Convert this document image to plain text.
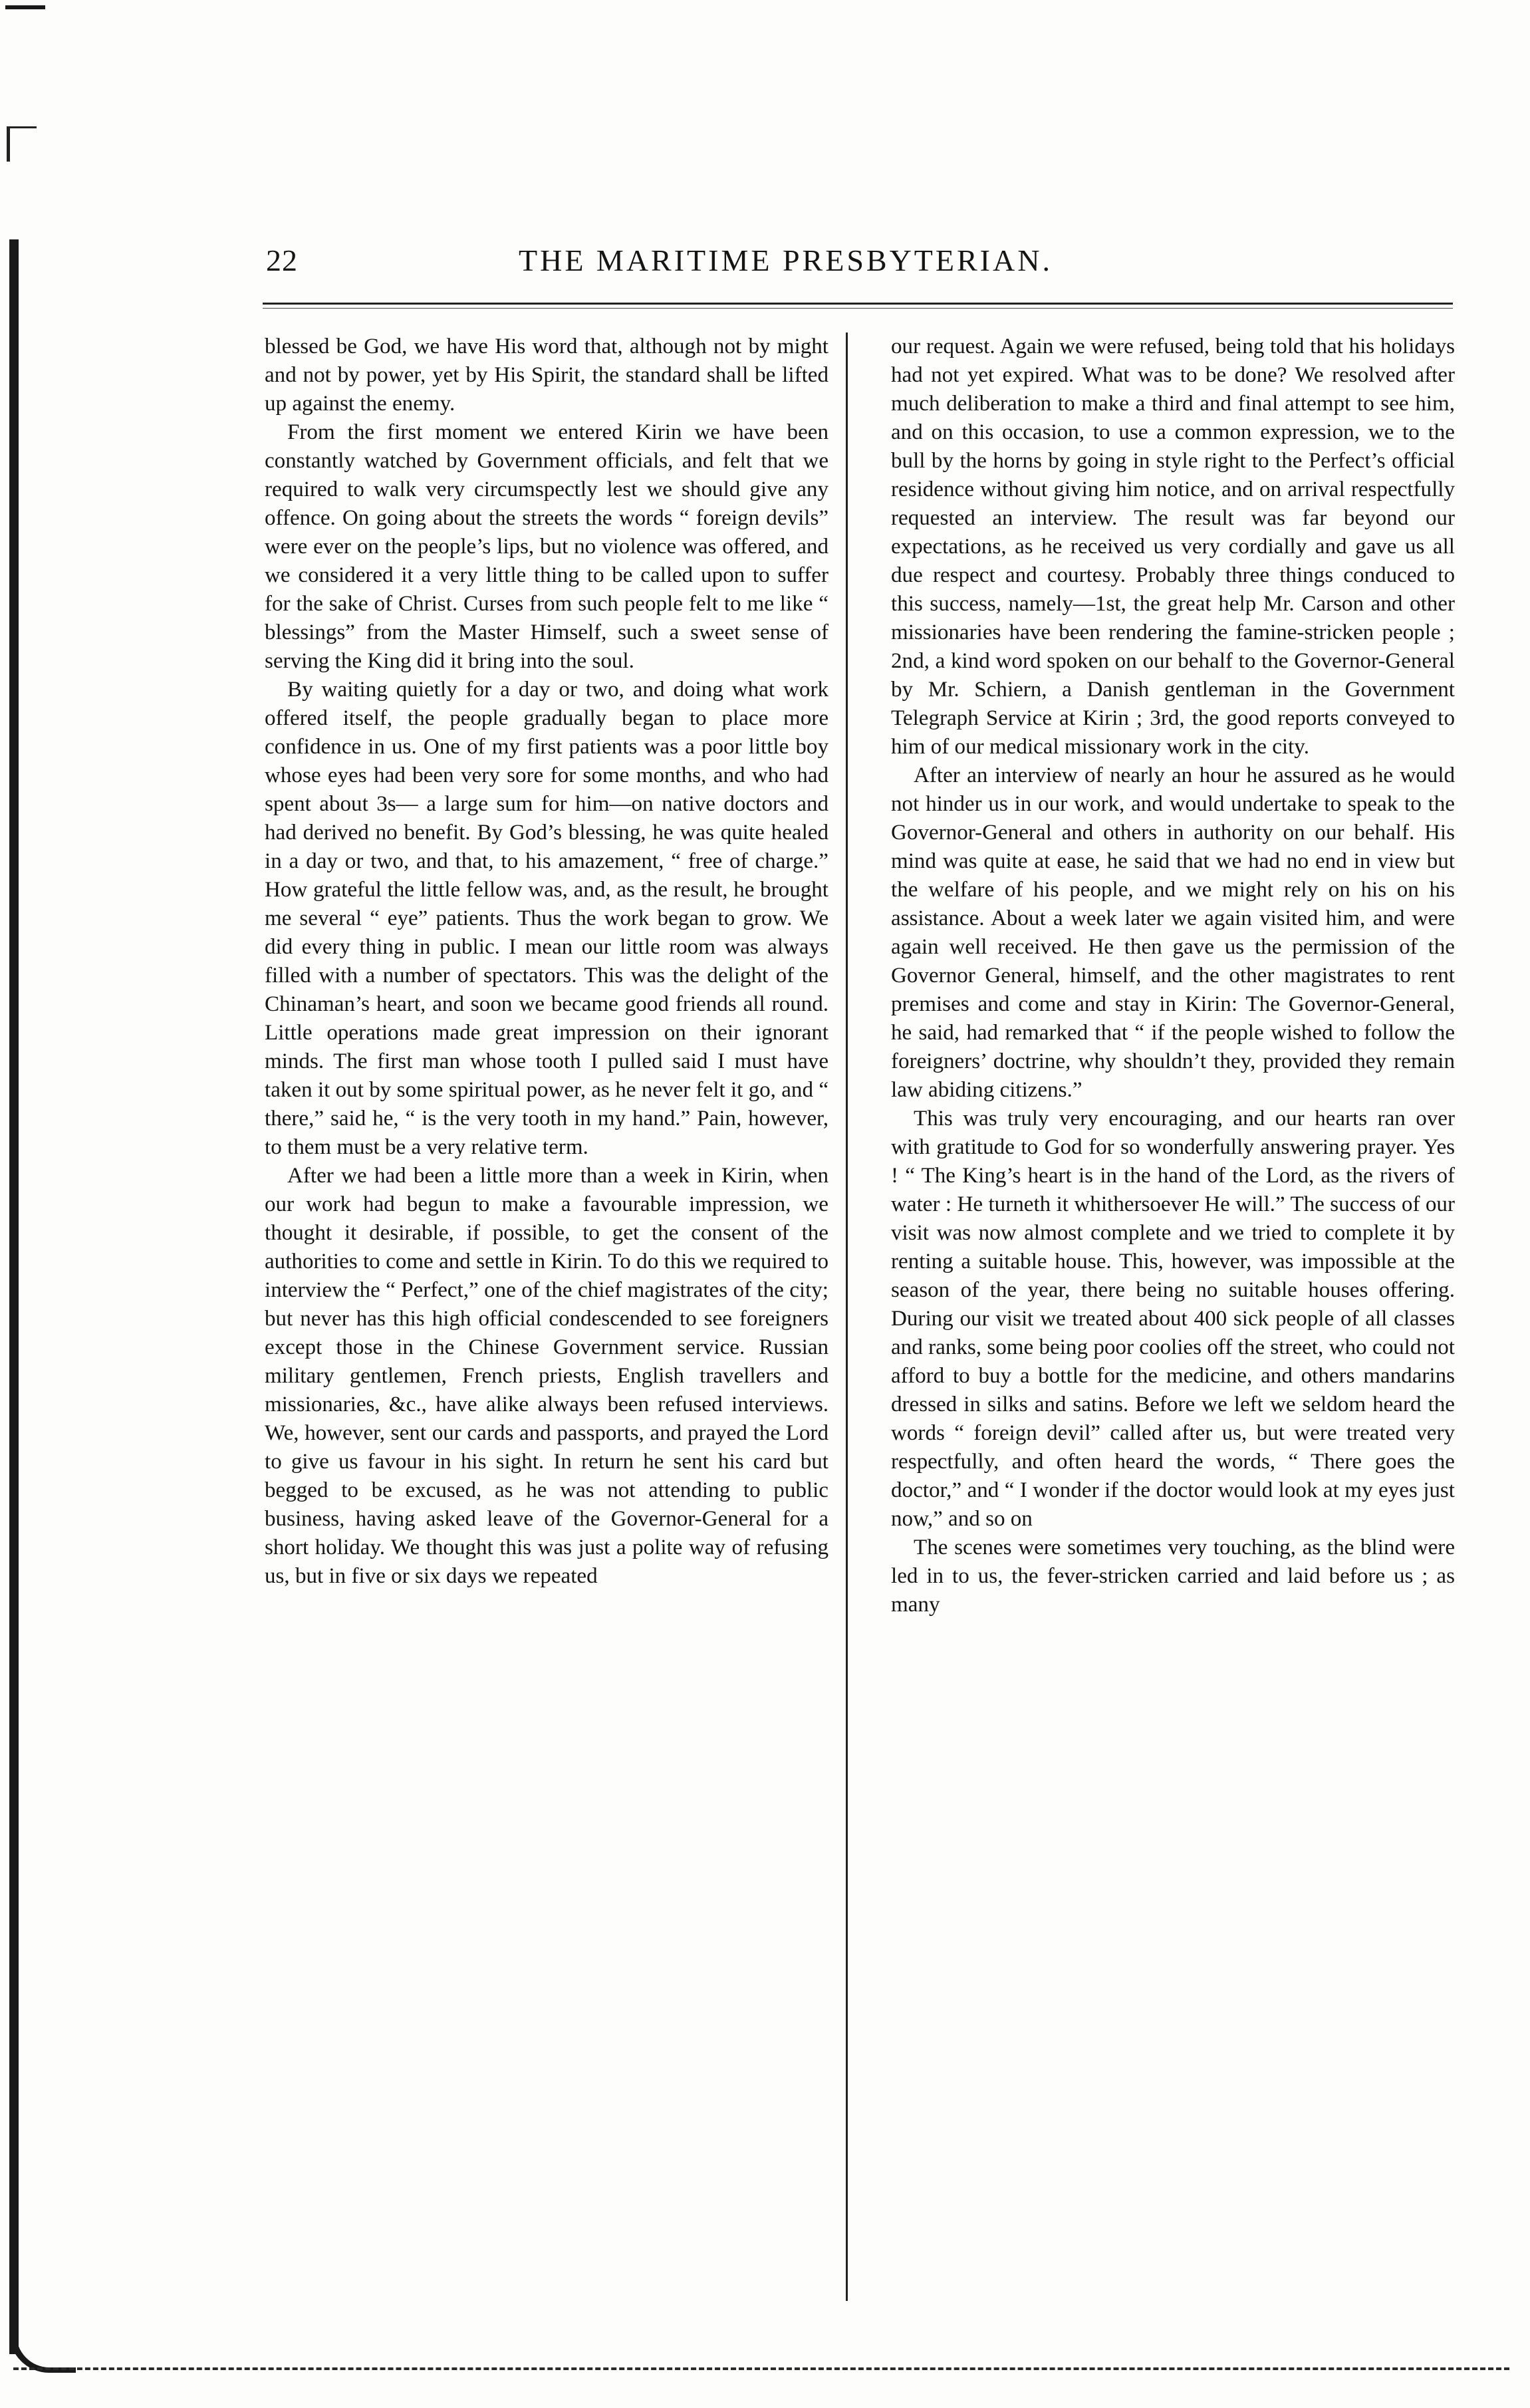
22	THE MARITIME PRESBYTERIAN.

blessed be God, we have His word that, although not by might and not by power, yet by His Spirit, the standard shall be lifted up against the enemy.

From the first moment we entered Kirin we have been constantly watched by Government officials, and felt that we required to walk very circumspectly lest we should give any offence. On going about the streets the words “ foreign devils” were ever on the people’s lips, but no violence was offered, and we considered it a very little thing to be called upon to suffer for the sake of Christ. Curses from such people felt to me like “ blessings” from the Master Himself, such a sweet sense of serving the King did it bring into the soul.

By waiting quietly for a day or two, and doing what work offered itself, the people gradually began to place more confidence in us. One of my first patients was a poor little boy whose eyes had been very sore for some months, and who had spent about 3s— a large sum for him—on native doctors and had derived no benefit. By God’s blessing, he was quite healed in a day or two, and that, to his amazement, “ free of charge.” How grateful the little fellow was, and, as the result, he brought me several “ eye” patients. Thus the work began to grow. We did every thing in public. I mean our little room was always filled with a number of spectators. This was the delight of the Chinaman’s heart, and soon we became good friends all round. Little operations made great impression on their ignorant minds. The first man whose tooth I pulled said I must have taken it out by some spiritual power, as he never felt it go, and “ there,” said he, “ is the very tooth in my hand.” Pain, however, to them must be a very relative term.

After we had been a little more than a week in Kirin, when our work had begun to make a favourable impression, we thought it desirable, if possible, to get the consent of the authorities to come and settle in Kirin. To do this we required to interview the “ Perfect,” one of the chief magistrates of the city; but never has this high official condescended to see foreigners except those in the Chinese Government service. Russian military gentlemen, French priests, English travellers and missionaries, &c., have alike always been refused interviews. We, however, sent our cards and passports, and prayed the Lord to give us favour in his sight. In return he sent his card but begged to be excused, as he was not attending to public business, having asked leave of the Governor-General for a short holiday. We thought this was just a polite way of refusing us, but in five or six days we repeated

our request. Again we were refused, being told that his holidays had not yet expired. What was to be done? We resolved after much deliberation to make a third and final attempt to see him, and on this occasion, to use a common expression, we to the bull by the horns by going in style right to the Perfect’s official residence without giving him notice, and on arrival respectfully requested an interview. The result was far beyond our expectations, as he received us very cordially and gave us all due respect and courtesy. Probably three things conduced to this success, namely—1st, the great help Mr. Carson and other missionaries have been rendering the famine-stricken people ; 2nd, a kind word spoken on our behalf to the Governor-General by Mr. Schiern, a Danish gentleman in the Government Telegraph Service at Kirin ; 3rd, the good reports conveyed to him of our medical missionary work in the city.

After an interview of nearly an hour he assured as he would not hinder us in our work, and would undertake to speak to the Governor-General and others in authority on our behalf. His mind was quite at ease, he said that we had no end in view but the welfare of his people, and we might rely on his on his assistance. About a week later we again visited him, and were again well received. He then gave us the permission of the Governor General, himself, and the other magistrates to rent premises and come and stay in Kirin: The Governor-General, he said, had remarked that “ if the people wished to follow the foreigners’ doctrine, why shouldn’t they, provided they remain law abiding citizens.”

This was truly very encouraging, and our hearts ran over with gratitude to God for so wonderfully answering prayer. Yes ! “ The King’s heart is in the hand of the Lord, as the rivers of water : He turneth it whithersoever He will.” The success of our visit was now almost complete and we tried to complete it by renting a suitable house. This, however, was impossible at the season of the year, there being no suitable houses offering. During our visit we treated about 400 sick people of all classes and ranks, some being poor coolies off the street, who could not afford to buy a bottle for the medicine, and others mandarins dressed in silks and satins. Before we left we seldom heard the words “ foreign devil” called after us, but were treated very respectfully, and often heard the words, “ There goes the doctor,” and “ I wonder if the doctor would look at my eyes just now,” and so on

The scenes were sometimes very touching, as the blind were led in to us, the fever-stricken carried and laid before us ; as many
